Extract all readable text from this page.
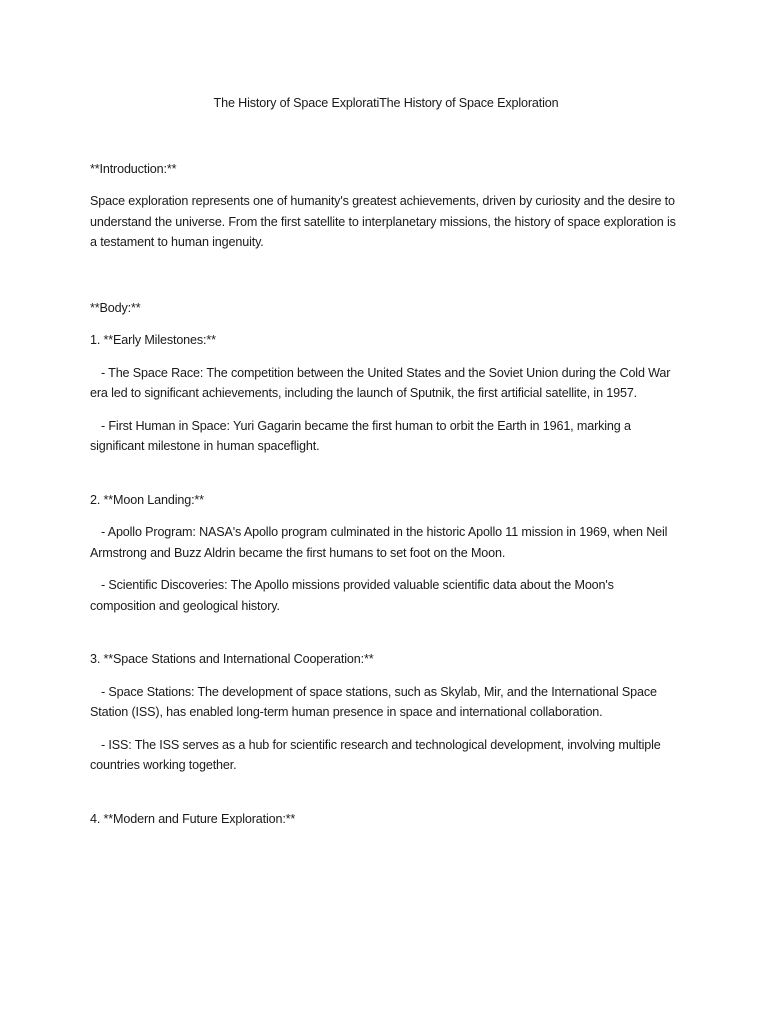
The History of Space ExploratiThe History of Space Exploration

**Introduction:**

Space exploration represents one of humanity's greatest achievements, driven by curiosity and the desire to understand the universe. From the first satellite to interplanetary missions, the history of space exploration is a testament to human ingenuity.

**Body:**

1. **Early Milestones:**

- The Space Race: The competition between the United States and the Soviet Union during the Cold War era led to significant achievements, including the launch of Sputnik, the first artificial satellite, in 1957.

- First Human in Space: Yuri Gagarin became the first human to orbit the Earth in 1961, marking a significant milestone in human spaceflight.

2. **Moon Landing:**

- Apollo Program: NASA's Apollo program culminated in the historic Apollo 11 mission in 1969, when Neil Armstrong and Buzz Aldrin became the first humans to set foot on the Moon.

- Scientific Discoveries: The Apollo missions provided valuable scientific data about the Moon's composition and geological history.

3. **Space Stations and International Cooperation:**

- Space Stations: The development of space stations, such as Skylab, Mir, and the International Space Station (ISS), has enabled long-term human presence in space and international collaboration.

- ISS: The ISS serves as a hub for scientific research and technological development, involving multiple countries working together.

4. **Modern and Future Exploration:**
